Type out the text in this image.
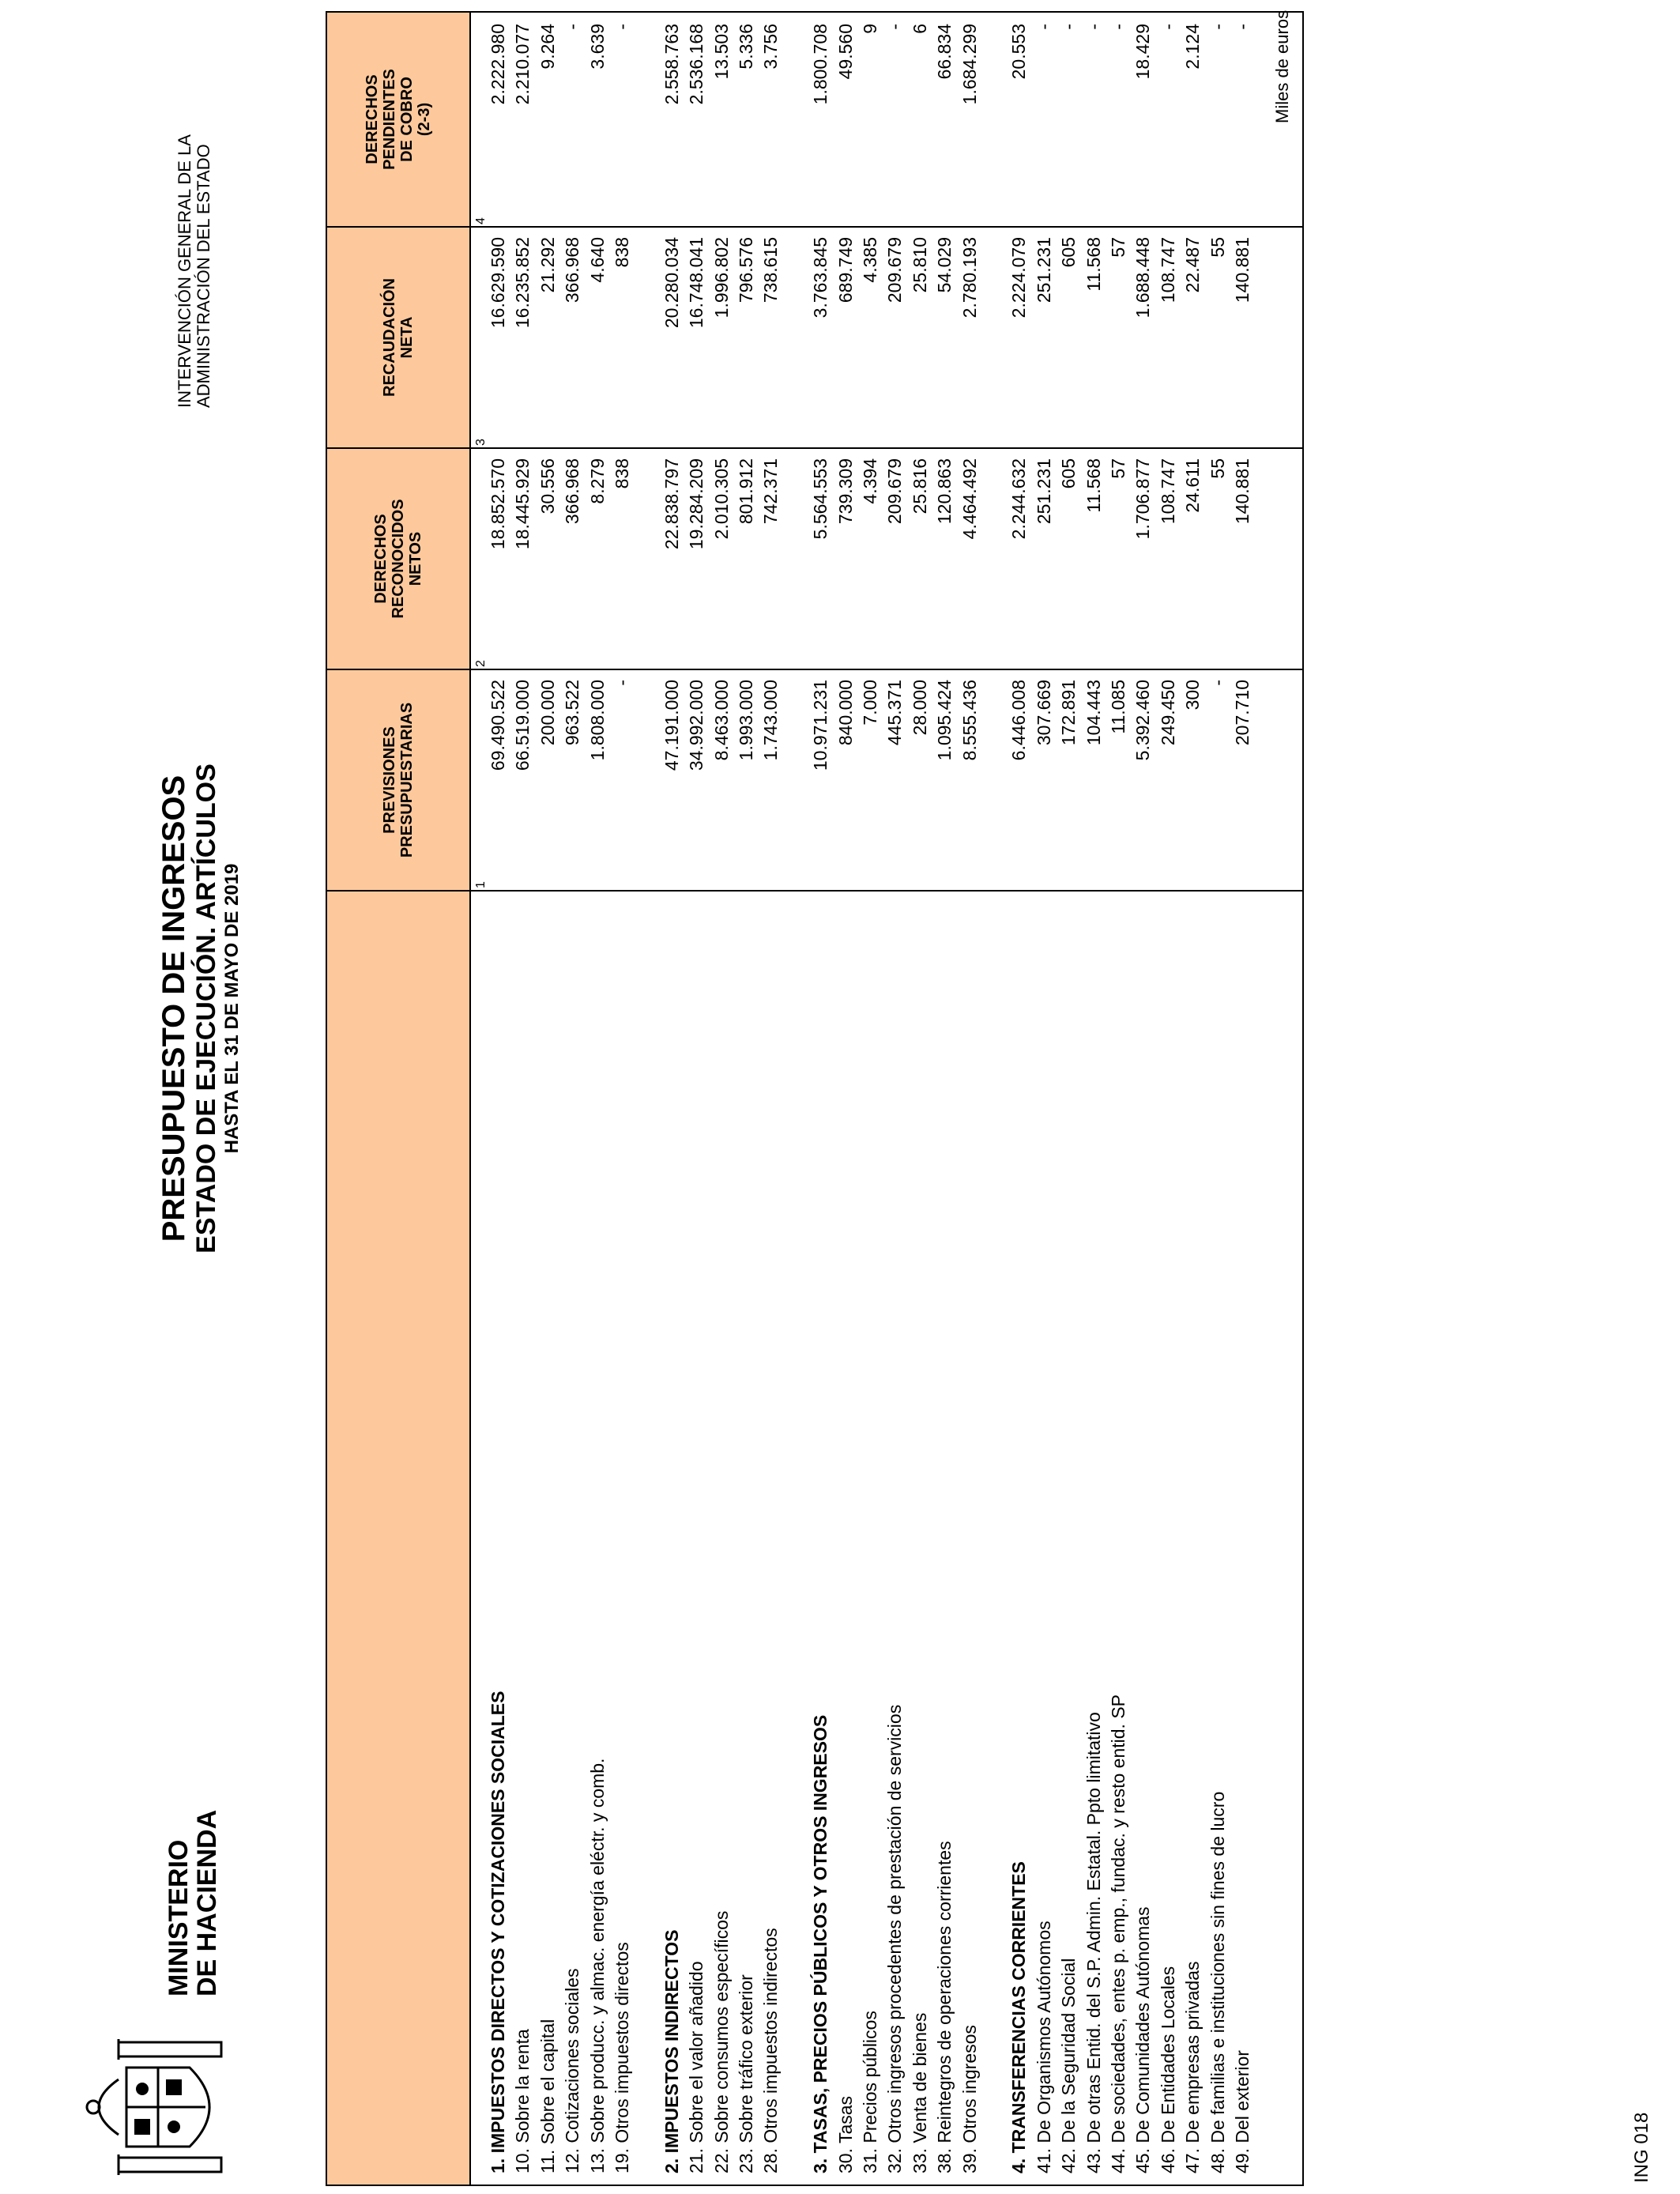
MINISTERIO
DE HACIENDA
PRESUPUESTO DE INGRESOS ESTADO DE EJECUCIÓN. ARTÍCULOS HASTA EL 31 DE MAYO DE 2019
INTERVENCIÓN GENERAL DE LA ADMINISTRACIÓN DEL ESTADO
Miles de euros
PREVISIONES PRESUPUESTARIAS
DERECHOS RECONOCIDOS NETOS
RECAUDACIÓN NETA
DERECHOS PENDIENTES DE COBRO (2-3)
1
2
3
4
1. IMPUESTOS DIRECTOS Y COTIZACIONES SOCIALES
69.490.522
18.852.570
16.629.590
2.222.980
10. Sobre la renta
66.519.000
18.445.929
16.235.852
2.210.077
11. Sobre el capital
200.000
30.556
21.292
9.264
12. Cotizaciones sociales
963.522
366.968
366.968
-
13. Sobre producc. y almac. energía eléctr. y comb.
1.808.000
8.279
4.640
3.639
19. Otros impuestos directos
-
838
838
-
2. IMPUESTOS INDIRECTOS
47.191.000
22.838.797
20.280.034
2.558.763
21. Sobre el valor añadido
34.992.000
19.284.209
16.748.041
2.536.168
22. Sobre consumos específicos
8.463.000
2.010.305
1.996.802
13.503
23. Sobre tráfico exterior
1.993.000
801.912
796.576
5.336
28. Otros impuestos indirectos
1.743.000
742.371
738.615
3.756
3. TASAS, PRECIOS PÚBLICOS Y OTROS INGRESOS
10.971.231
5.564.553
3.763.845
1.800.708
30. Tasas
840.000
739.309
689.749
49.560
31. Precios públicos
7.000
4.394
4.385
9
32. Otros ingresos procedentes de prestación de servicios
445.371
209.679
209.679
-
33. Venta de bienes
28.000
25.816
25.810
6
38. Reintegros de operaciones corrientes
1.095.424
120.863
54.029
66.834
39. Otros ingresos
8.555.436
4.464.492
2.780.193
1.684.299
4. TRANSFERENCIAS CORRIENTES
6.446.008
2.244.632
2.224.079
20.553
41. De Organismos Autónomos
307.669
251.231
251.231
-
42. De la Seguridad Social
172.891
605
605
-
43. De otras Entid. del S.P. Admin. Estatal. Ppto limitativo
104.443
11.568
11.568
-
44. De sociedades, entes p. emp., fundac. y resto entid. SP
11.085
57
57
-
45. De Comunidades Autónomas
5.392.460
1.706.877
1.688.448
18.429
46. De Entidades Locales
249.450
108.747
108.747
-
47. De empresas privadas
300
24.611
22.487
2.124
48. De familias e instituciones sin fines de lucro
-
55
55
-
49. Del exterior
207.710
140.881
140.881
-
ING 018
